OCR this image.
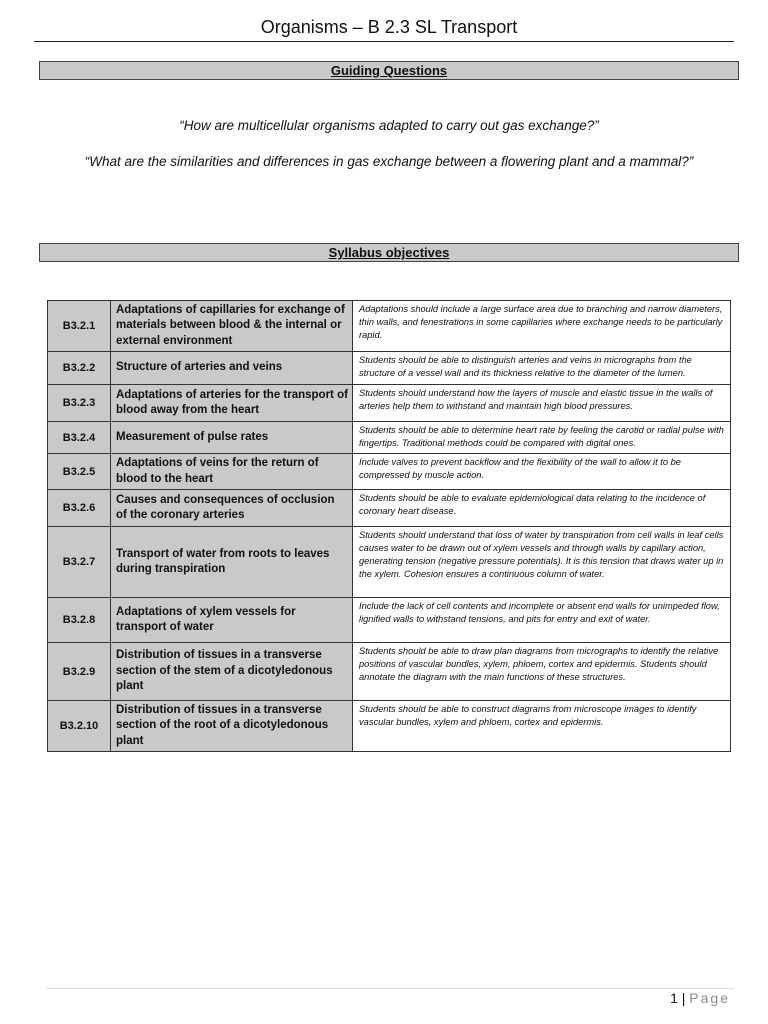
Organisms – B 2.3 SL Transport
Guiding Questions
“How are multicellular organisms adapted to carry out gas exchange?”
“What are the similarities and differences in gas exchange between a flowering plant and a mammal?”
Syllabus objectives
B3.2.1	Adaptations of capillaries for exchange of materials between blood & the internal or external environment	Adaptations should include a large surface area due to branching and narrow diameters, thin walls, and fenestrations in some capillaries where exchange needs to be particularly rapid.
B3.2.2	Structure of arteries and veins	Students should be able to distinguish arteries and veins in micrographs from the structure of a vessel wall and its thickness relative to the diameter of the lumen.
B3.2.3	Adaptations of arteries for the transport of blood away from the heart	Students should understand how the layers of muscle and elastic tissue in the walls of arteries help them to withstand and maintain high blood pressures.
B3.2.4	Measurement of pulse rates	Students should be able to determine heart rate by feeling the carotid or radial pulse with fingertips. Traditional methods could be compared with digital ones.
B3.2.5	Adaptations of veins for the return of blood to the heart	Include valves to prevent backflow and the flexibility of the wall to allow it to be compressed by muscle action.
B3.2.6	Causes and consequences of occlusion of the coronary arteries	Students should be able to evaluate epidemiological data relating to the incidence of coronary heart disease.
B3.2.7	Transport of water from roots to leaves during transpiration	Students should understand that loss of water by transpiration from cell walls in leaf cells causes water to be drawn out of xylem vessels and through walls by capillary action, generating tension (negative pressure potentials). It is this tension that draws water up in the xylem. Cohesion ensures a continuous column of water.
B3.2.8	Adaptations of xylem vessels for transport of water	Include the lack of cell contents and incomplete or absent end walls for unimpeded flow, lignified walls to withstand tensions, and pits for entry and exit of water.
B3.2.9	Distribution of tissues in a transverse section of the stem of a dicotyledonous plant	Students should be able to draw plan diagrams from micrographs to identify the relative positions of vascular bundles, xylem, phloem, cortex and epidermis. Students should annotate the diagram with the main functions of these structures.
B3.2.10	Distribution of tissues in a transverse section of the root of a dicotyledonous plant	Students should be able to construct diagrams from microscope images to identify vascular bundles, xylem and phloem, cortex and epidermis.
1 | Page
